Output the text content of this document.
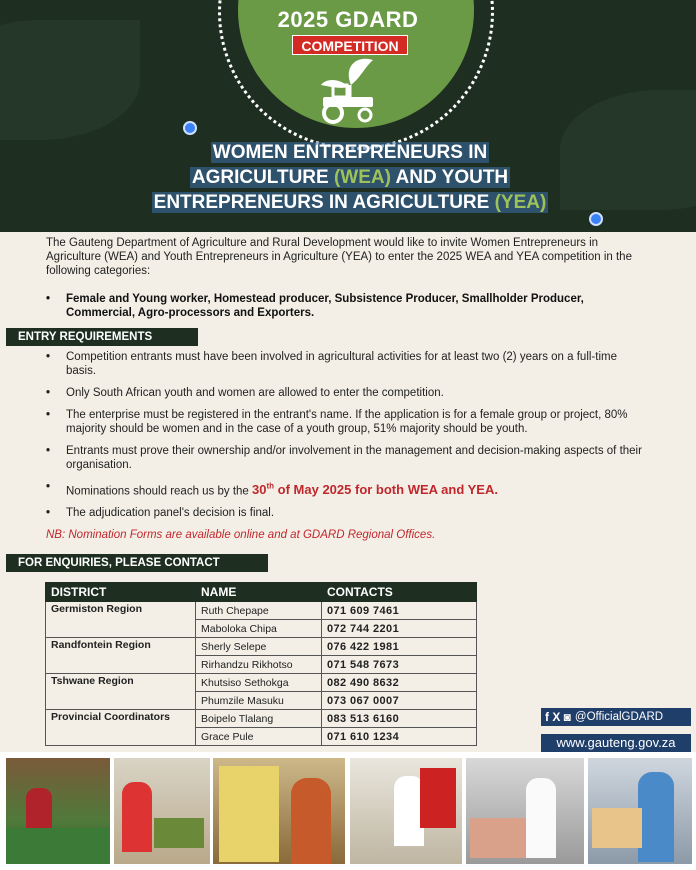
2025 GDARD
COMPETITION
WOMEN ENTREPRENEURS IN
AGRICULTURE (WEA) AND YOUTH
ENTREPRENEURS IN AGRICULTURE (YEA)

The Gauteng Department of Agriculture and Rural Development would like to invite Women Entrepreneurs in Agriculture (WEA) and Youth Entrepreneurs in Agriculture (YEA) to enter the 2025 WEA and YEA competition in the following categories:

• Female and Young worker, Homestead producer, Subsistence Producer, Smallholder Producer, Commercial, Agro-processors and Exporters.
ENTRY REQUIREMENTS
• Competition entrants must have been involved in agricultural activities for at least two (2) years on a full-time basis.
• Only South African youth and women are allowed to enter the competition.
• The enterprise must be registered in the entrant's name. If the application is for a female group or project, 80% majority should be women and in the case of a youth group, 51% majority should be youth.
• Entrants must prove their ownership and/or involvement in the management and decision-making aspects of their organisation.
• Nominations should reach us by the 30th of May 2025 for both WEA and YEA.
• The adjudication panel's decision is final.
NB: Nomination Forms are available online and at GDARD Regional Offices.
FOR ENQUIRIES, PLEASE CONTACT
DISTRICT	NAME	CONTACTS
Germiston Region	Ruth Chepape	071 609 7461
	Maboloka Chipa	072 744 2201
Randfontein Region	Sherly Selepe	076 422 1981
	Rirhandzu Rikhotso	071 548 7673
Tshwane Region	Khutsiso Sethokga	082 490 8632
	Phumzile Masuku	073 067 0007
Provincial Coordinators	Boipelo Tlalang	083 513 6160
	Grace Pule	071 610 1234
f X ◙ @OfficialGDARD
www.gauteng.gov.za
